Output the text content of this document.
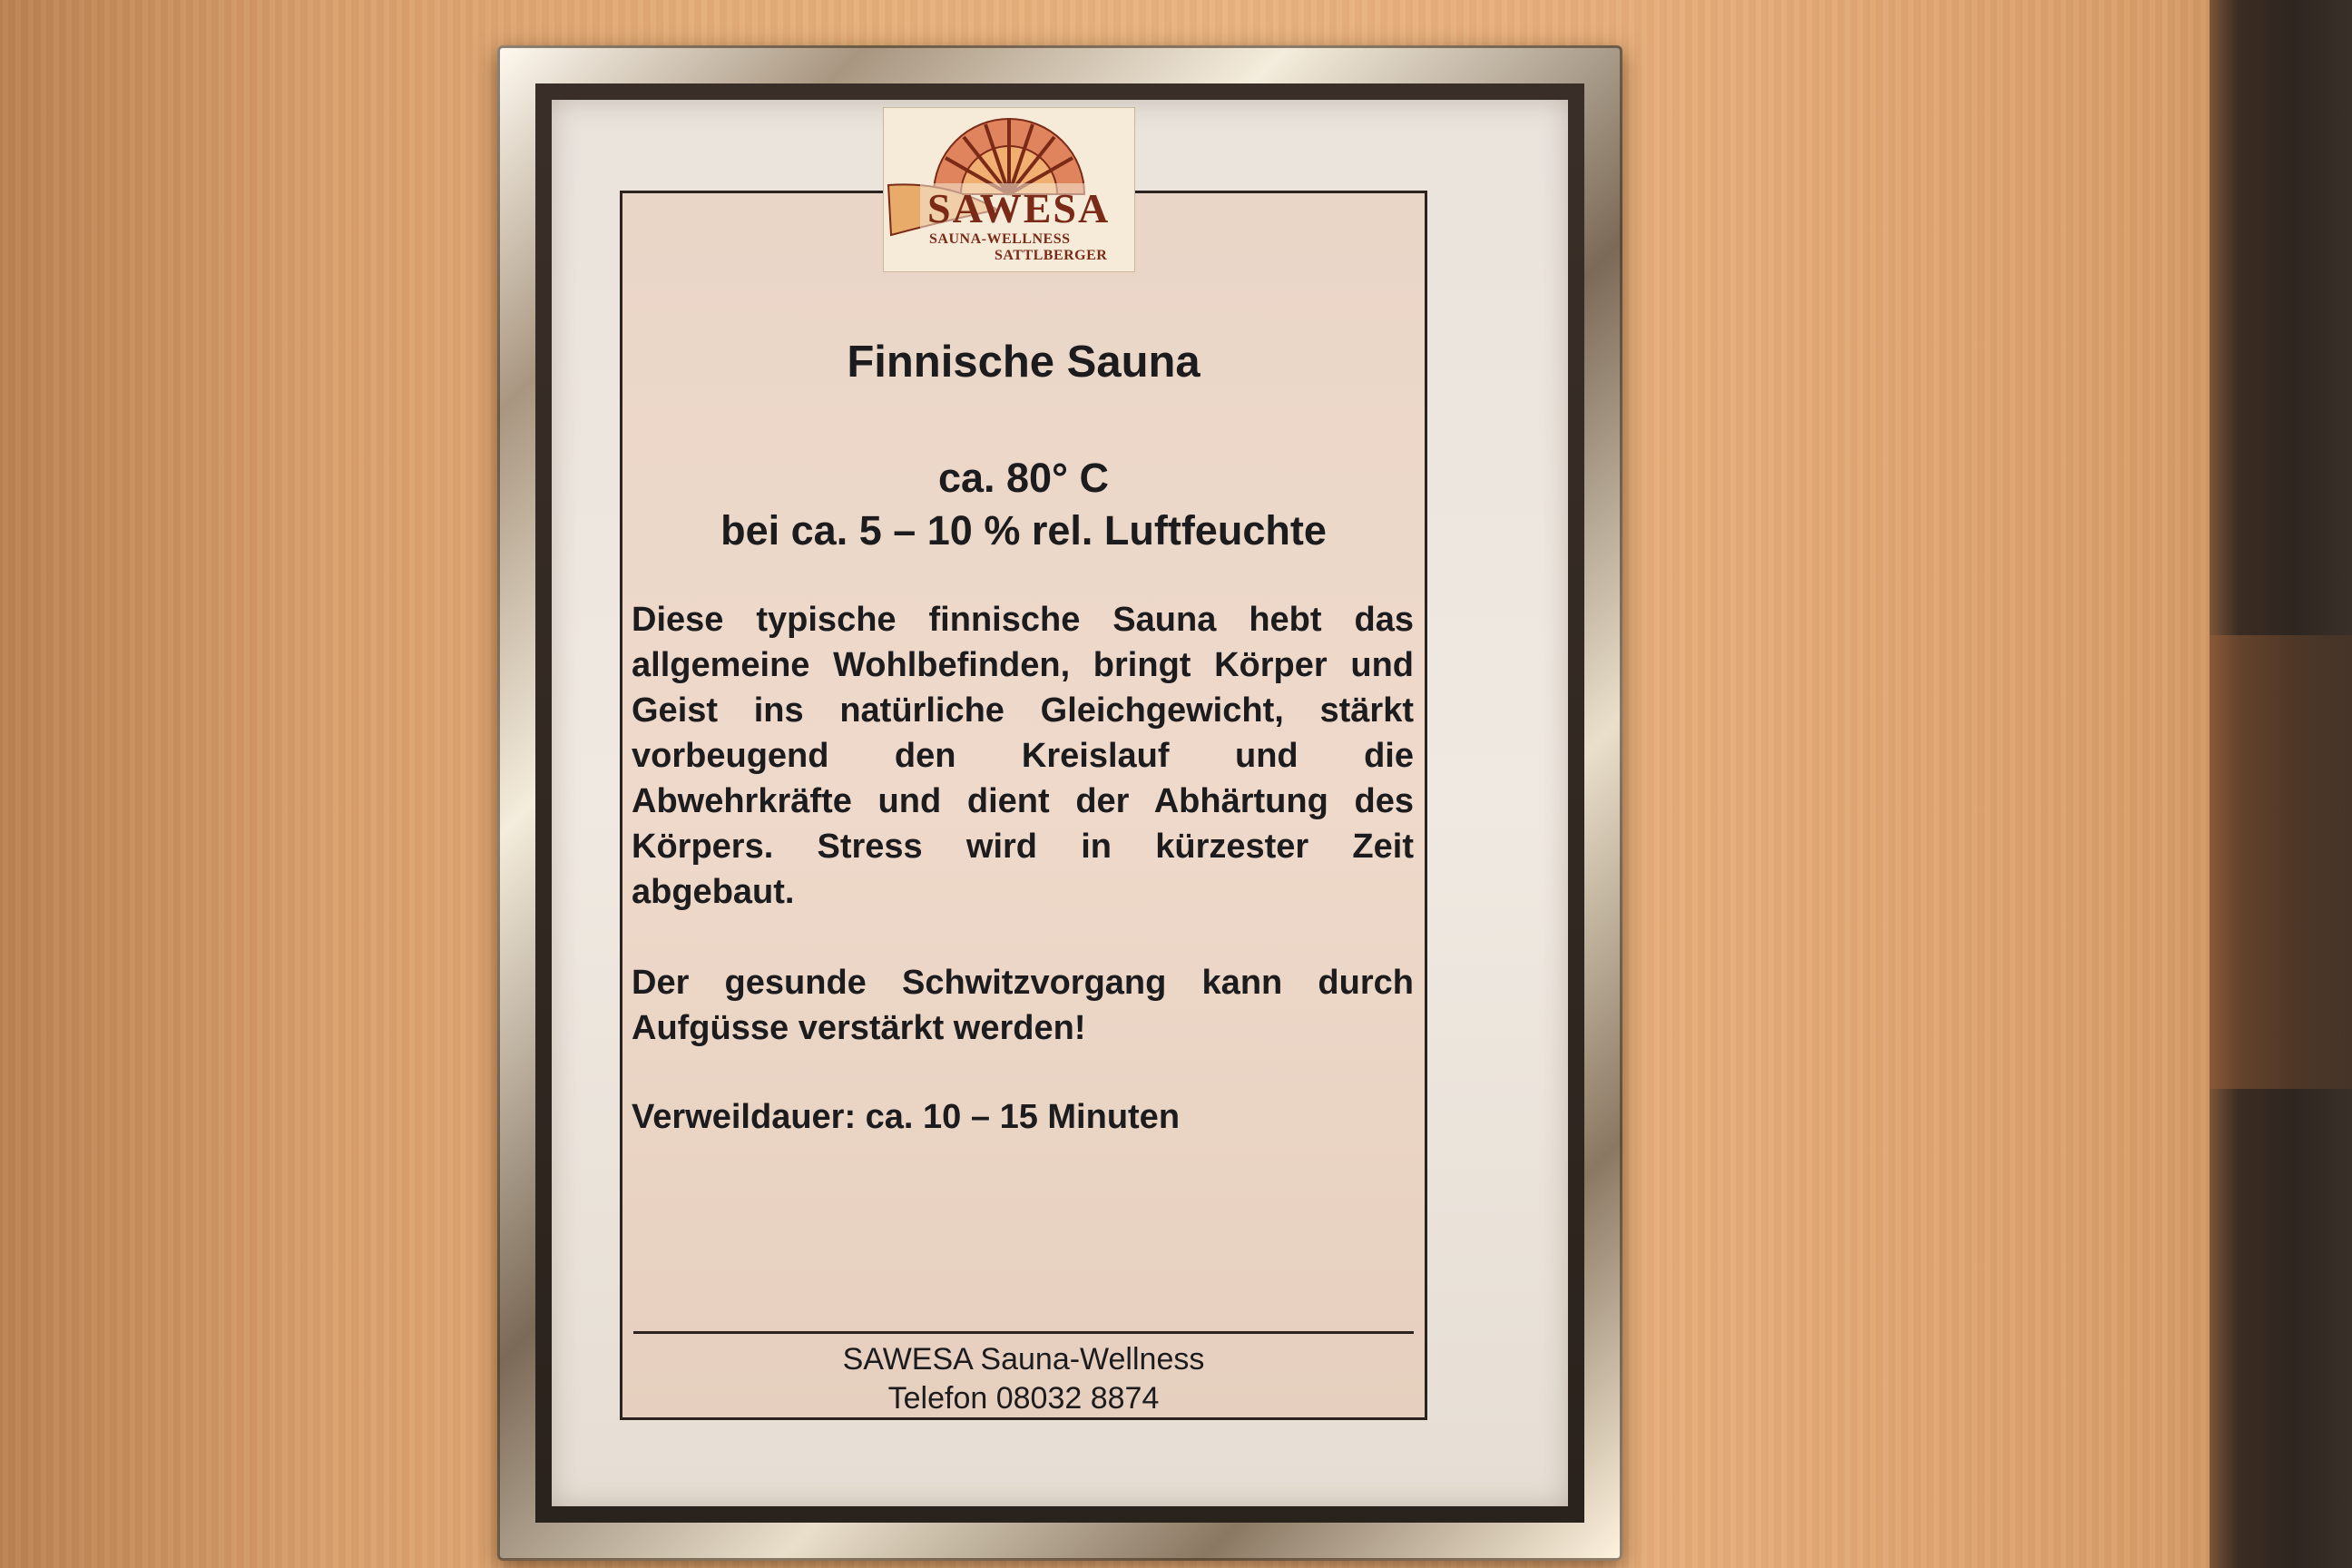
SAWESA
SAUNA-WELLNESS
SATTLBERGER
Finnische Sauna
ca. 80° C
bei ca. 5 – 10 % rel. Luftfeuchte
Diese typische finnische Sauna hebt das allgemeine Wohlbefinden, bringt Körper und Geist ins natürliche Gleichgewicht, stärkt vorbeugend den Kreislauf und die Abwehrkräfte und dient der Abhärtung des Körpers. Stress wird in kürzester Zeit abgebaut.
Der gesunde Schwitzvorgang kann durch Aufgüsse verstärkt werden!
Verweildauer: ca. 10 – 15 Minuten
SAWESA Sauna-Wellness
Telefon 08032 8874
